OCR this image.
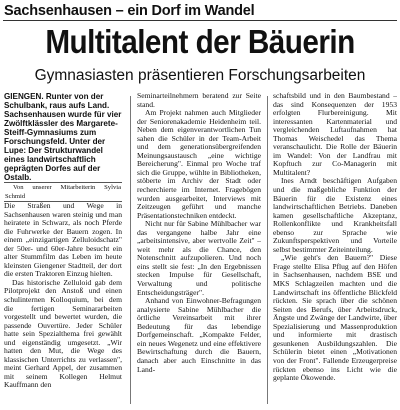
Sachsenhausen – ein Dorf im Wandel
Multitalent der Bäuerin
Gymnasiasten präsentieren Forschungsarbeiten

GIENGEN. Runter von der Schulbank, raus aufs Land. Sachsenhausen wurde für vier Zwölftklässler des Margarete-Steiff-Gymnasiums zum Forschungsfeld. Unter der Lupe: Der Strukturwandel eines landwirtschaftlich geprägten Dorfes auf der Ostalb.

Von unserer Mitarbeiterin Sylvia Schmid

Die Straßen und Wege in Sachsenhausen waren steinig und man heiratete in Schwarz, als noch Pferde die Fuhrwerke der Bauern zogen. In einem „einzigartigen Zelluloidschatz" der 50er- und 60er-Jahre besucht ein alter Stummfilm das Leben im heute kleinsten Giengener Stadtteil, der dort die ersten Traktoren Einzug hielten.

Das historische Zelluloid gab dem Pilotprojekt den Anstoß und einen schulinternen Kolloquium, bei dem die fertigen Seminararbeiten vorgestellt und bewertet wurden, die passende Ouvertüre. Jeder Schüler hatte sein Spezialthema frei gewählt und eigenständig umgesetzt. „Wir hatten den Mut, die Wege des klassischen Unterrichts zu verlassen", meint Gerhard Appel, der zusammen mit seinem Kollegen Helmut Kauffmann den

Seminarteilnehmern beratend zur Seite stand.

Am Projekt nahmen auch Mitglieder der Seniorenakademie Heidenheim teil. Neben dem eigenverantwortlichen Tun sahen die Schüler in der Team-Arbeit und dem generationsübergreifenden Meinungsaustausch „eine wichtige Bereicherung". Einmal pro Woche traf sich die Gruppe, wühlte in Bibliotheken, stöberte im Archiv der Stadt oder recherchierte im Internet. Fragebögen wurden ausgearbeitet, Interviews mit Zeitzeugen geführt und manche Präsentationstechniken entdeckt.

Nicht nur für Sabine Mühlbacher war das vergangene halbe Jahr eine „arbeitsintensive, aber wertvolle Zeit" – weit mehr als die Chance, den Notenschnitt aufzupolieren. Und noch eins stellt sie fest: „In den Ergebnissen stecken Impulse für Gesellschaft, Verwaltung und politische Entscheidungsträger".

Anhand von Einwohner-Befragungen analysierte Sabine Mühlbacher die örtliche Vereinsarbeit mit ihrer Bedeutung für das lebendige Dorfgemeinschaft. „Kompakte Felder, ein neues Wegenetz und eine effektivere Bewirtschaftung durch die Bauern, danach aber auch Einschnitte in das Land-

schaftsbild und in den Baumbestand – das sind Konsequenzen der 1953 erfolgten Flurbereinigung. Mit interessanten Kartenmaterial und vergleichenden Luftaufnahmen hat Thomas Weischedel das Thema veranschaulicht. Die Rolle der Bäuerin im Wandel: Von der Landfrau mit Kopftuch zur Co-Managerin mit Multitalent?

Ines Arndt beschäftigen Aufgaben und die maßgebliche Funktion der Bäuerin für die Existenz eines landwirtschaftlichen Betriebs. Daneben kamen gesellschaftliche Akzeptanz, Rollenkonflikte und Krankheitsfall ebenso zur Sprache wie Zukunftsperspektiven und Vorteile selbst bestimmter Zeiteinteilung.

„Wie geht's den Bauern?" Diese Frage stellte Elisa Pflug auf den Höfen in Sachsenhausen, nachdem BSE und MKS Schlagzeilen machten und die Landwirtschaft ins öffentliche Blickfeld rückten. Sie sprach über die schönen Seiten des Berufs, über Arbeitsdruck, Ängste und Zwänge der Landwirte, über Spezialisierung und Massenproduktion und informierte mit drastisch gesunkenen Ausbildungszahlen. Die Schülerin bietet einen „Motivationen von der Front". Fallende Erzeugerpreise rückten ebenso ins Licht wie die geplante Ökowende.
